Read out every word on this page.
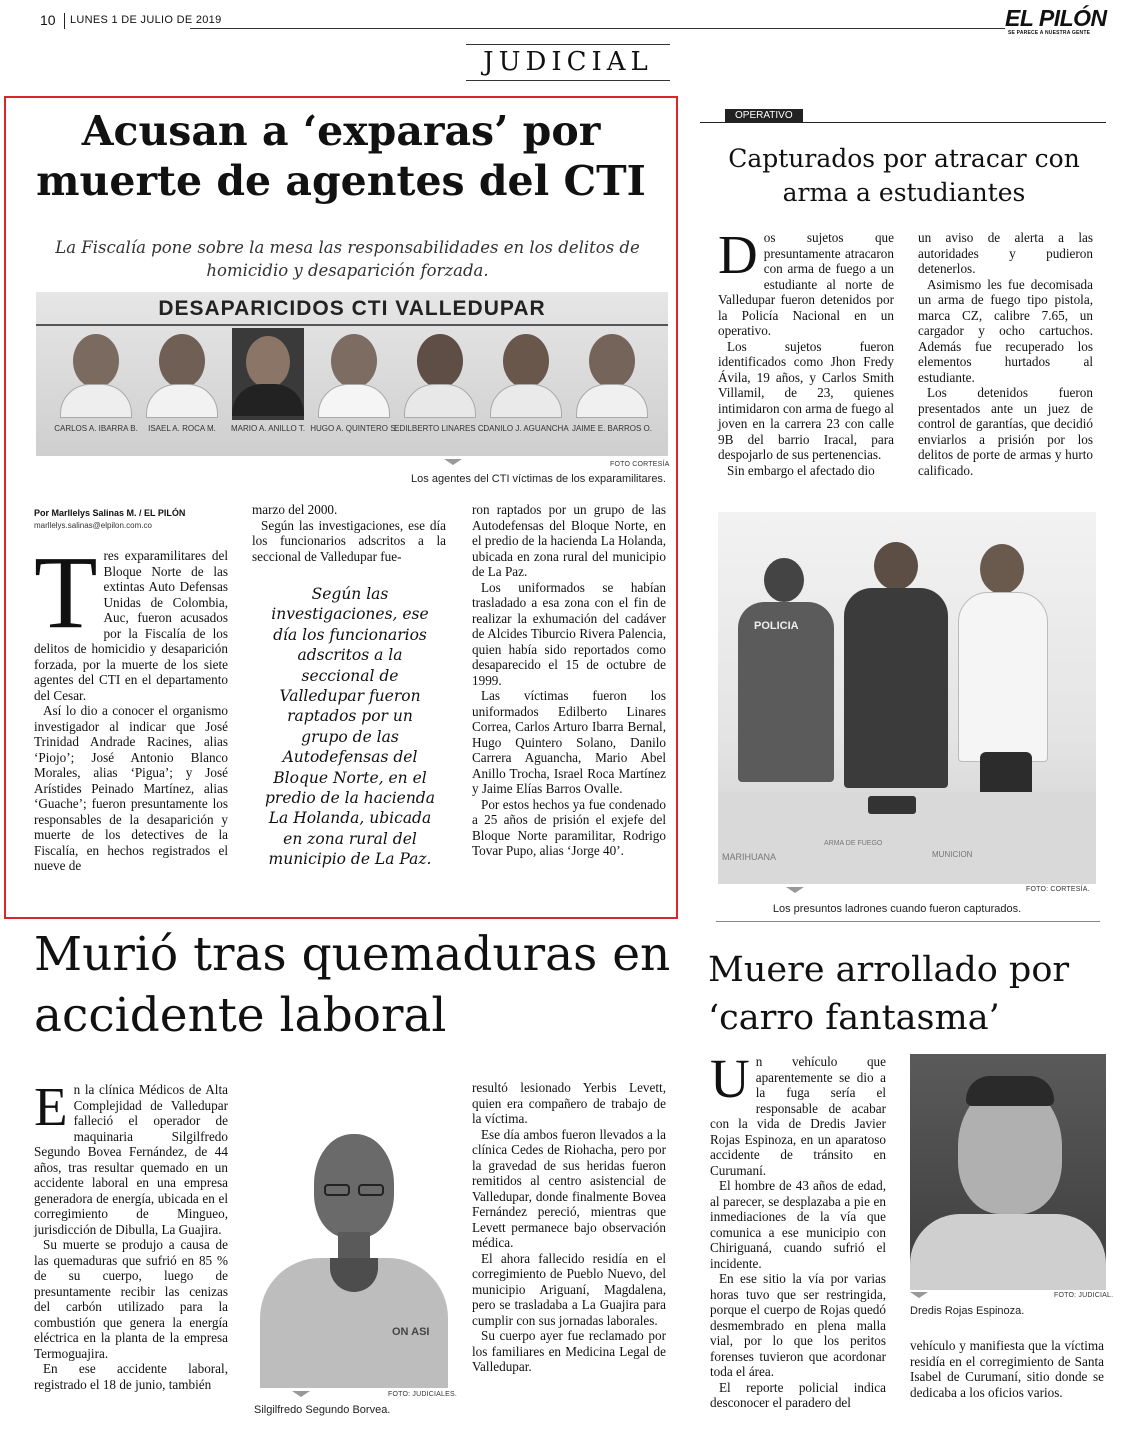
10 LUNES 1 DE JULIO DE 2019	EL PILÓN
SE PARECE A NUESTRA GENTE
JUDICIAL
Acusan a ‘exparas’ por muerte de agentes del CTI
La Fiscalía pone sobre la mesa las responsabilidades en los delitos de homicidio y desaparición forzada.
DESAPARICIDOS CTI VALLEDUPAR
CARLOS A. IBARRA B.	ISAEL A. ROCA M.	MARIO A. ANILLO T. HUGO A. QUINTERO S.
EDILBERTO LINARES C.
DANILO J. AGUANCHA JAIME E. BARROS O.
FOTO CORTESÍA
Los agentes del CTI víctimas de los exparamilitares.
Por Marllelys Salinas M. / EL PILÓN
marllelys.salinas@elpilon.com.co
T res exparamilitares del Bloque Norte de las extintas Auto Defensas Unidas de Colombia, Auc, fueron acusados por la Fiscalía de los delitos de homicidio y desaparición forzada, por la muerte de los siete agentes del CTI en el departamento del Cesar.

Así lo dio a conocer el organismo investigador al indicar que José Trinidad Andrade Racines, alias ‘Piojo’; José Antonio Blanco Morales, alias ‘Pigua’; y José Arístides Peinado Martínez, alias ‘Guache’; fueron presuntamente los responsables de la desaparición y muerte de los detectives de la Fiscalía, en hechos registrados el nueve de

marzo del 2000.

Según las investigaciones, ese día los funcionarios adscritos a la seccional de Valledupar fue-

Según las investigaciones, ese día los funcionarios adscritos a la seccional de Valledupar fueron raptados por un grupo de las Autodefensas del Bloque Norte, en el predio de la hacienda La Holanda, ubicada en zona rural del municipio de La Paz.

ron raptados por un grupo de las Autodefensas del Bloque Norte, en el predio de la hacienda La Holanda, ubicada en zona rural del municipio de La Paz.

Los uniformados se habían trasladado a esa zona con el fin de realizar la exhumación del cadáver de Alcides Tiburcio Rivera Palencia, quien había sido reportados como desaparecido el 15 de octubre de 1999.

Las víctimas fueron los uniformados Edilberto Linares Correa, Carlos Arturo Ibarra Bernal, Hugo Quintero Solano, Danilo Carrera Aguancha, Mario Abel Anillo Trocha, Israel Roca Martínez y Jaime Elías Barros Ovalle.

Por estos hechos ya fue condenado a 25 años de prisión el exjefe del Bloque Norte paramilitar, Rodrigo Tovar Pupo, alias ‘Jorge 40’.

OPERATIVO
Capturados por atracar con arma a estudiantes
D os sujetos que presuntamente atracaron con arma de fuego a un estudiante al norte de Valledupar fueron detenidos por la Policía Nacional en un operativo.

Los sujetos fueron identificados como Jhon Fredy Ávila, 19 años, y Carlos Smith Villamil, de 23, quienes intimidaron con arma de fuego al joven en la carrera 23 con calle 9B del barrio Iracal, para despojarlo de sus pertenencias.

Sin embargo el afectado dio

un aviso de alerta a las autoridades y pudieron detenerlos.

Asimismo les fue decomisada un arma de fuego tipo pistola, marca CZ, calibre 7.65, un cargador y ocho cartuchos. Además fue recuperado los elementos hurtados al estudiante.

Los detenidos fueron presentados ante un juez de control de garantías, que decidió enviarlos a prisión por los delitos de porte de armas y hurto calificado.

POLICIA
MARIHUANA
ARMA DE FUEGO
MUNICION
FOTO: CORTESÍA.
Los presuntos ladrones cuando fueron capturados.
Murió tras quemaduras en accidente laboral
E n la clínica Médicos de Alta Complejidad de Valledupar falleció el operador de maquinaria Silgilfredo Segundo Bovea Fernández, de 44 años, tras resultar quemado en un accidente laboral en una empresa generadora de energía, ubicada en el corregimiento de Mingueo, jurisdicción de Dibulla, La Guajira.

Su muerte se produjo a causa de las quemaduras que sufrió en 85 % de su cuerpo, luego de presuntamente recibir las cenizas del carbón utilizado para la combustión que genera la energía eléctrica en la planta de la empresa Termoguajira.

En ese accidente laboral, registrado el 18 de junio, también

ON ASI
FOTO: JUDICIALES.
Silgilfredo Segundo Borvea.

resultó lesionado Yerbis Levett, quien era compañero de trabajo de la víctima.

Ese día ambos fueron llevados a la clínica Cedes de Riohacha, pero por la gravedad de sus heridas fueron remitidos al centro asistencial de Valledupar, donde finalmente Bovea Fernández pereció, mientras que Levett permanece bajo observación médica.

El ahora fallecido residía en el corregimiento de Pueblo Nuevo, del municipio Ariguaní, Magdalena, pero se trasladaba a La Guajira para cumplir con sus jornadas laborales.

Su cuerpo ayer fue reclamado por los familiares en Medicina Legal de Valledupar.

Muere arrollado por ‘carro fantasma’
U n vehículo que aparentemente se dio a la fuga sería el responsable de acabar con la vida de Dredis Javier Rojas Espinoza, en un aparatoso accidente de tránsito en Curumaní.

El hombre de 43 años de edad, al parecer, se desplazaba a pie en inmediaciones de la vía que comunica a ese municipio con Chiriguaná, cuando sufrió el incidente.

En ese sitio la vía por varias horas tuvo que ser restringida, porque el cuerpo de Rojas quedó desmembrado en plena malla vial, por lo que los peritos forenses tuvieron que acordonar toda el área.

El reporte policial indica desconocer el paradero del

FOTO: JUDICIAL.
Dredis Rojas Espinoza.

vehículo y manifiesta que la víctima residía en el corregimiento de Santa Isabel de Curumaní, sitio donde se dedicaba a los oficios varios.
